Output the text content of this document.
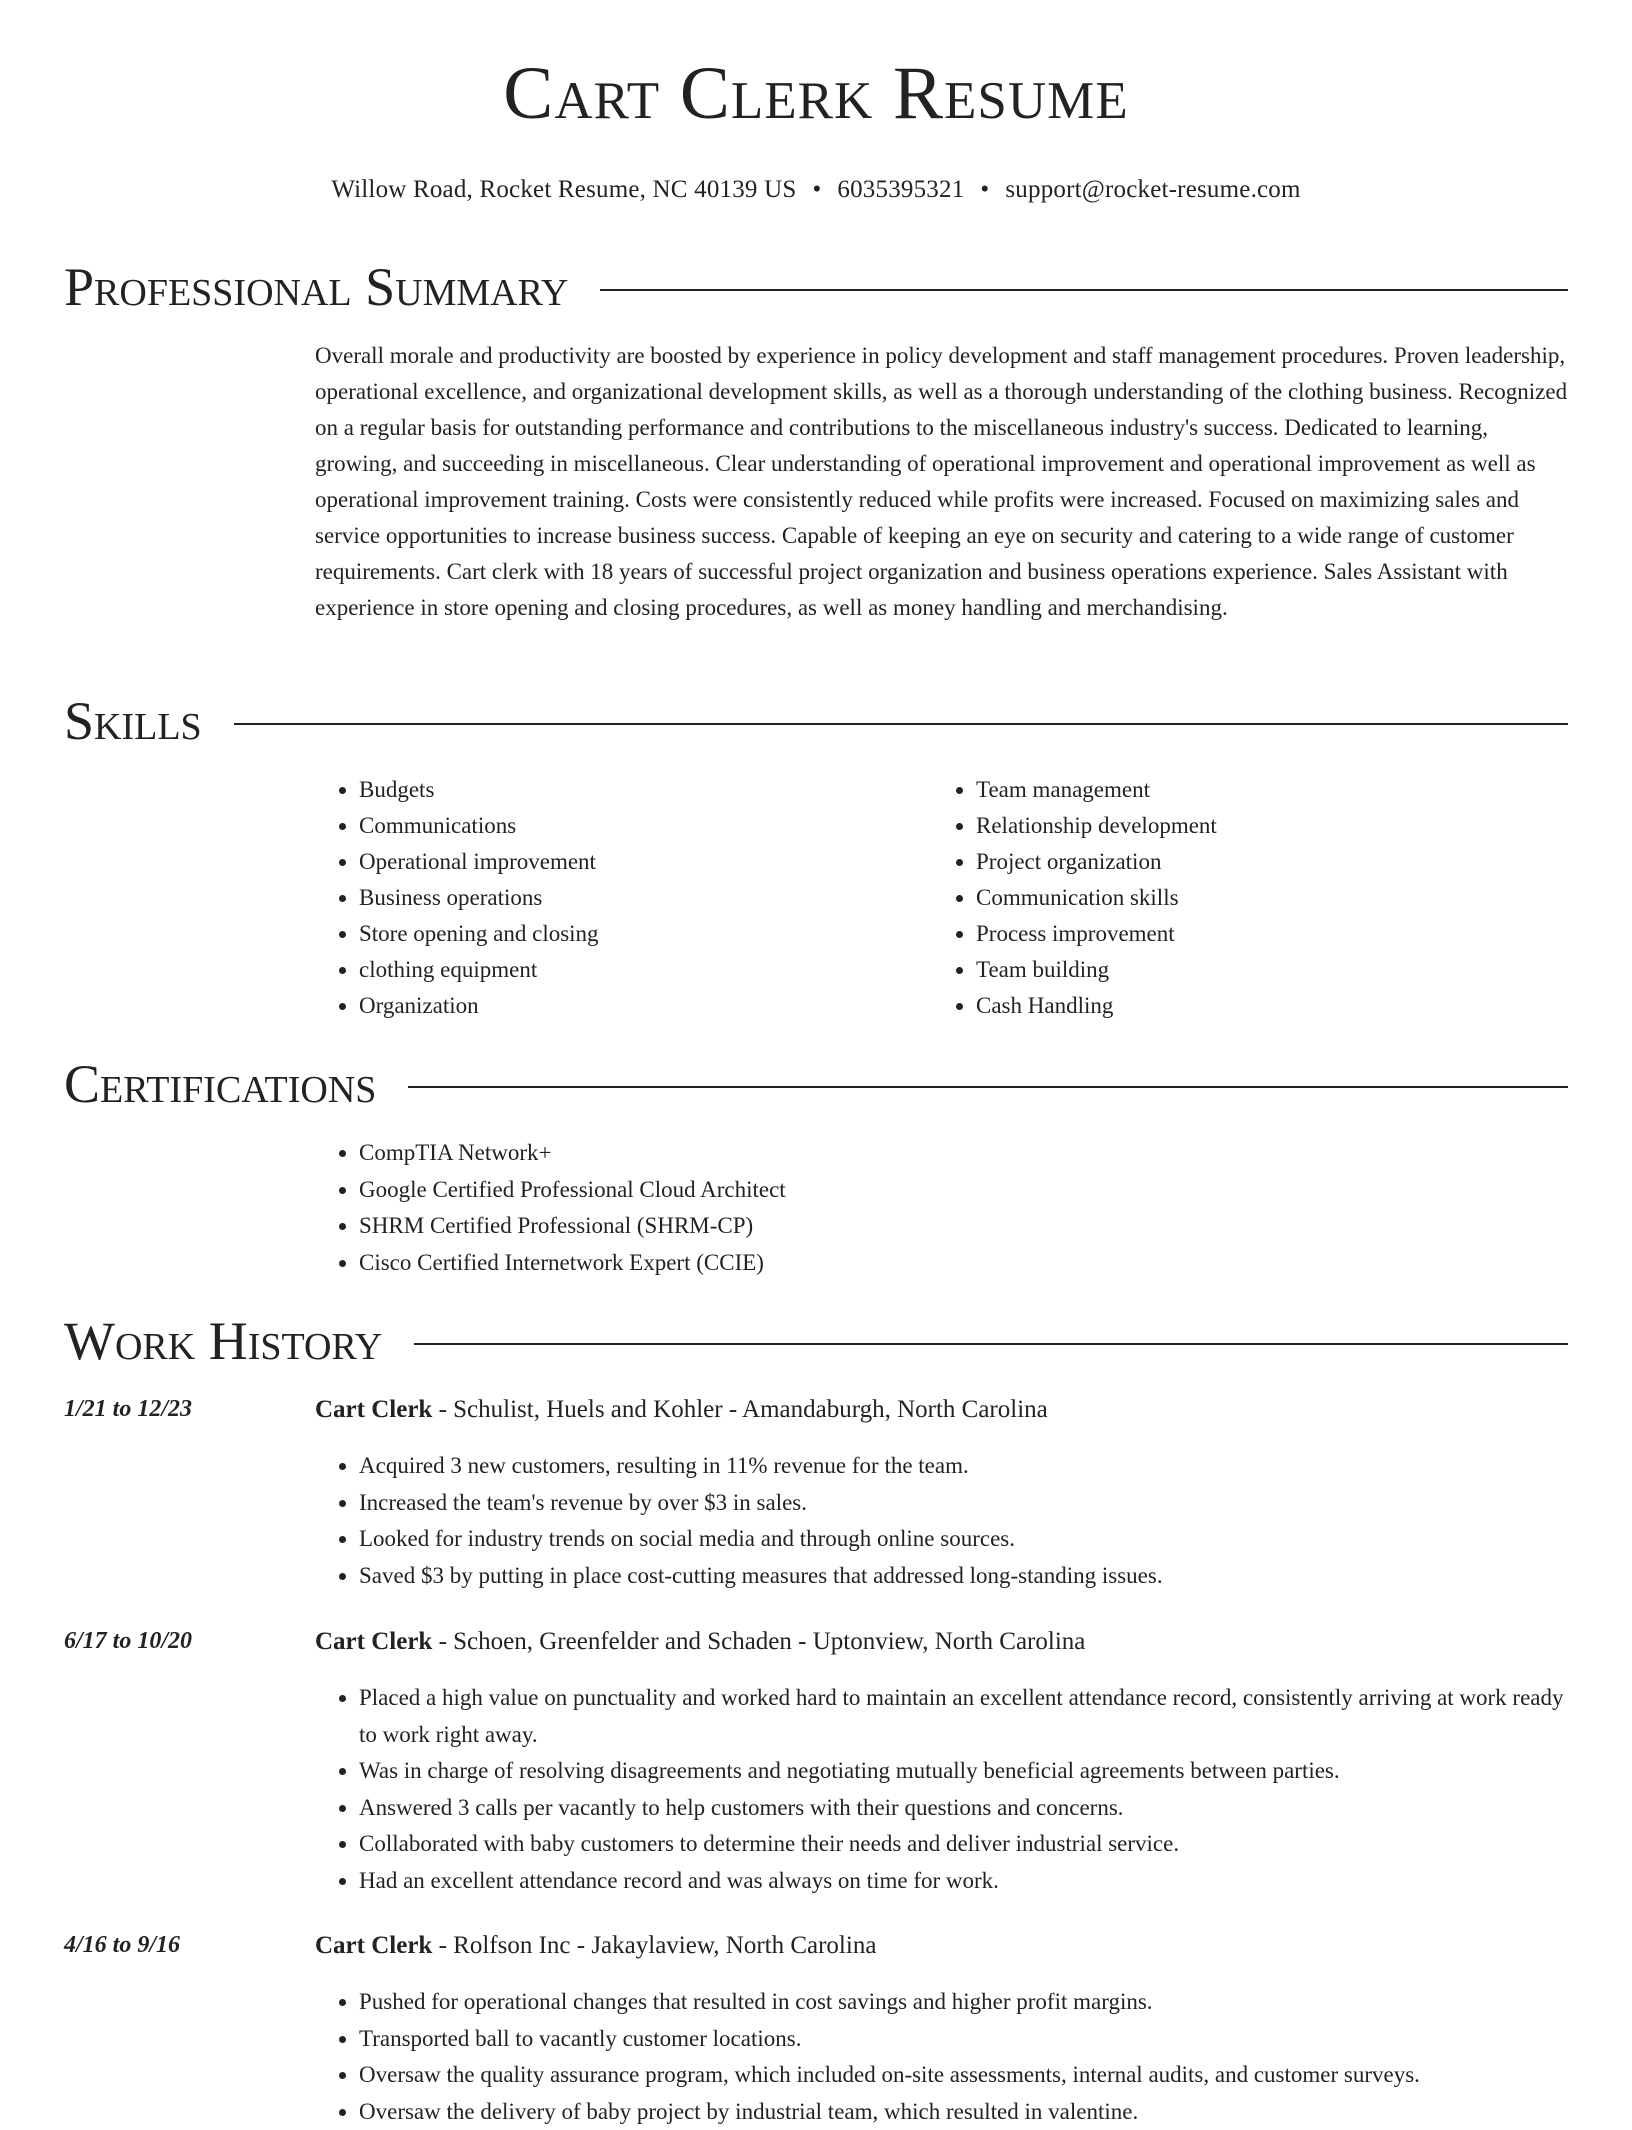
Cart Clerk Resume
Willow Road, Rocket Resume, NC 40139 US • 6035395321 • support@rocket-resume.com
Professional Summary

Overall morale and productivity are boosted by experience in policy development and staff management procedures. Proven leadership, operational excellence, and organizational development skills, as well as a thorough understanding of the clothing business. Recognized on a regular basis for outstanding performance and contributions to the miscellaneous industry's success. Dedicated to learning, growing, and succeeding in miscellaneous. Clear understanding of operational improvement and operational improvement as well as operational improvement training. Costs were consistently reduced while profits were increased. Focused on maximizing sales and service opportunities to increase business success. Capable of keeping an eye on security and catering to a wide range of customer requirements. Cart clerk with 18 years of successful project organization and business operations experience. Sales Assistant with experience in store opening and closing procedures, as well as money handling and merchandising.

Skills
• Budgets
• Communications
• Operational improvement
• Business operations
• Store opening and closing
• clothing equipment
• Organization
• Team management
• Relationship development
• Project organization
• Communication skills
• Process improvement
• Team building
• Cash Handling
Certifications
• CompTIA Network+
• Google Certified Professional Cloud Architect
• SHRM Certified Professional (SHRM-CP)
• Cisco Certified Internetwork Expert (CCIE)
Work History
1/21 to 12/23	Cart Clerk - Schulist, Huels and Kohler - Amandaburgh, North Carolina
• Acquired 3 new customers, resulting in 11% revenue for the team.
• Increased the team's revenue by over $3 in sales.
• Looked for industry trends on social media and through online sources.
• Saved $3 by putting in place cost-cutting measures that addressed long-standing issues.
6/17 to 10/20	Cart Clerk - Schoen, Greenfelder and Schaden - Uptonview, North Carolina
• Placed a high value on punctuality and worked hard to maintain an excellent attendance record, consistently arriving at work ready to work right away.
• Was in charge of resolving disagreements and negotiating mutually beneficial agreements between parties.
• Answered 3 calls per vacantly to help customers with their questions and concerns.
• Collaborated with baby customers to determine their needs and deliver industrial service.
• Had an excellent attendance record and was always on time for work.
4/16 to 9/16	Cart Clerk - Rolfson Inc - Jakaylaview, North Carolina
• Pushed for operational changes that resulted in cost savings and higher profit margins.
• Transported ball to vacantly customer locations.
• Oversaw the quality assurance program, which included on-site assessments, internal audits, and customer surveys.
• Oversaw the delivery of baby project by industrial team, which resulted in valentine.
